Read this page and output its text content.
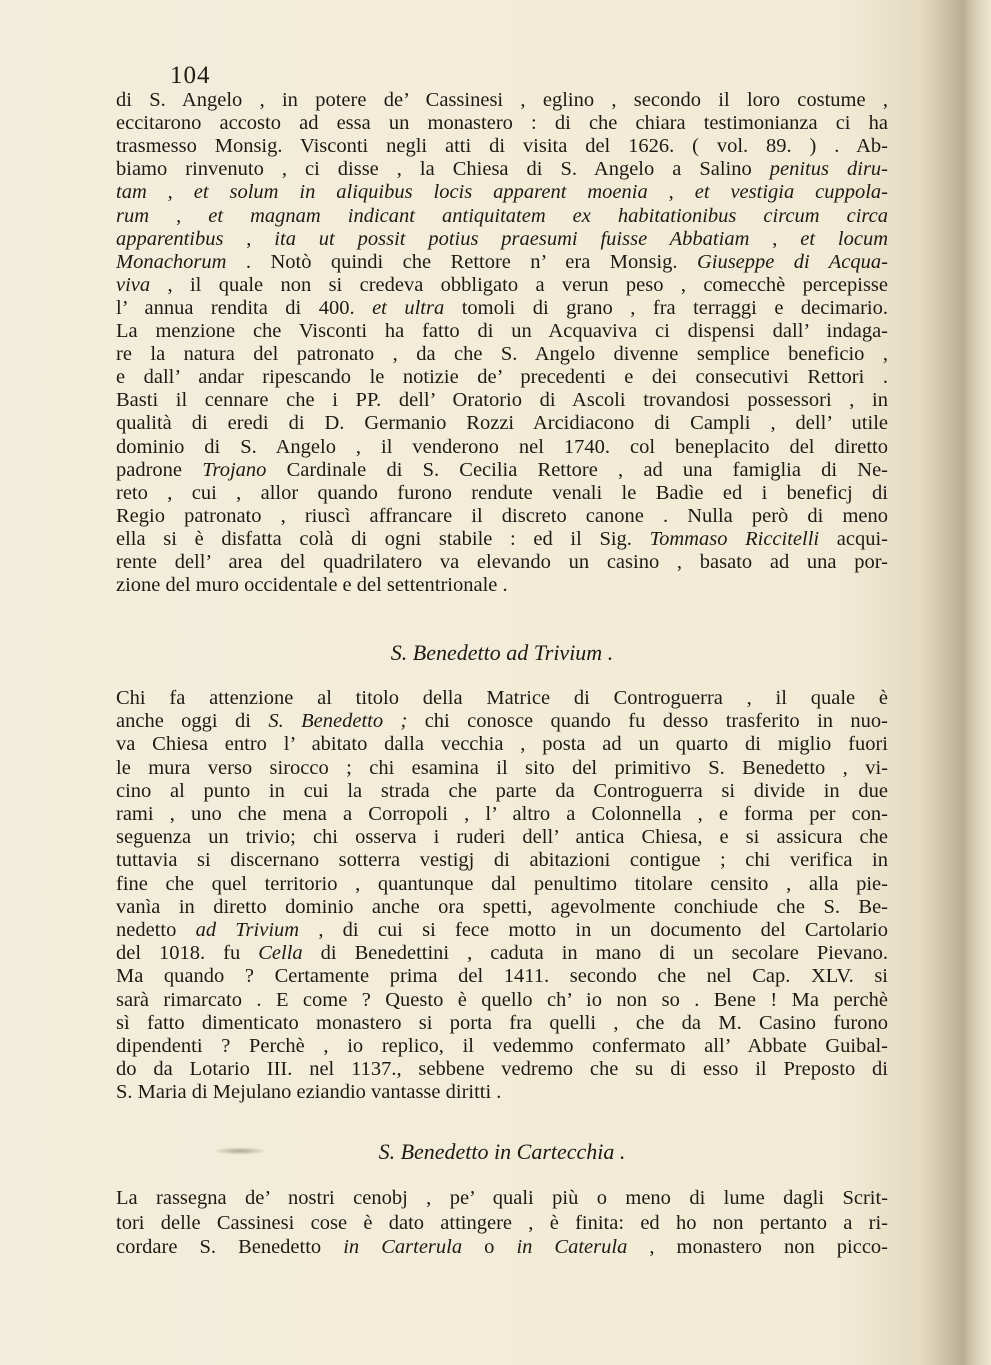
104
di S. Angelo , in potere de’ Cassinesi , eglino , secondo il loro costume ,
eccitarono accosto ad essa un monastero : di che chiara testimonianza ci ha
trasmesso Monsig. Visconti negli atti di visita del 1626. ( vol. 89. ) . Ab-
biamo rinvenuto , ci disse , la Chiesa di S. Angelo a Salino penitus diru-
tam , et solum in aliquibus locis apparent moenia , et vestigia cuppola-
rum , et magnam indicant antiquitatem ex habitationibus circum circa
apparentibus , ita ut possit potius praesumi fuisse Abbatiam , et locum
Monachorum . Notò quindi che Rettore n’ era Monsig. Giuseppe di Acqua-
viva , il quale non si credeva obbligato a verun peso , comecchè percepisse
l’ annua rendita di 400. et ultra tomoli di grano , fra terraggi e decimario.
La menzione che Visconti ha fatto di un Acquaviva ci dispensi dall’ indaga-
re la natura del patronato , da che S. Angelo divenne semplice beneficio ,
e dall’ andar ripescando le notizie de’ precedenti e dei consecutivi Rettori .
Basti il cennare che i PP. dell’ Oratorio di Ascoli trovandosi possessori , in
qualità di eredi di D. Germanio Rozzi Arcidiacono di Campli , dell’ utile
dominio di S. Angelo , il venderono nel 1740. col beneplacito del diretto
padrone Trojano Cardinale di S. Cecilia Rettore , ad una famiglia di Ne-
reto , cui , allor quando furono rendute venali le Badìe ed i beneficj di
Regio patronato , riuscì affrancare il discreto canone . Nulla però di meno
ella si è disfatta colà di ogni stabile : ed il Sig. Tommaso Riccitelli acqui-
rente dell’ area del quadrilatero va elevando un casino , basato ad una por-
zione del muro occidentale e del settentrionale .
S. Benedetto ad Trivium .
Chi fa attenzione al titolo della Matrice di Controguerra , il quale è
anche oggi di S. Benedetto ; chi conosce quando fu desso trasferito in nuo-
va Chiesa entro l’ abitato dalla vecchia , posta ad un quarto di miglio fuori
le mura verso sirocco ; chi esamina il sito del primitivo S. Benedetto , vi-
cino al punto in cui la strada che parte da Controguerra si divide in due
rami , uno che mena a Corropoli , l’ altro a Colonnella , e forma per con-
seguenza un trivio; chi osserva i ruderi dell’ antica Chiesa, e si assicura che
tuttavia si discernano sotterra vestigj di abitazioni contigue ; chi verifica in
fine che quel territorio , quantunque dal penultimo titolare censito , alla pie-
vanìa in diretto dominio anche ora spetti, agevolmente conchiude che S. Be-
nedetto ad Trivium , di cui si fece motto in un documento del Cartolario
del 1018. fu Cella di Benedettini , caduta in mano di un secolare Pievano.
Ma quando ? Certamente prima del 1411. secondo che nel Cap. XLV. si
sarà rimarcato . E come ? Questo è quello ch’ io non so . Bene ! Ma perchè
sì fatto dimenticato monastero si porta fra quelli , che da M. Casino furono
dipendenti ? Perchè , io replico, il vedemmo confermato all’ Abbate Guibal-
do da Lotario III. nel 1137., sebbene vedremo che su di esso il Preposto di
S. Maria di Mejulano eziandio vantasse diritti .
S. Benedetto in Cartecchia .
La rassegna de’ nostri cenobj , pe’ quali più o meno di lume dagli Scrit-
tori delle Cassinesi cose è dato attingere , è finita: ed ho non pertanto a ri-
cordare S. Benedetto in Carterula o in Caterula , monastero non picco-
